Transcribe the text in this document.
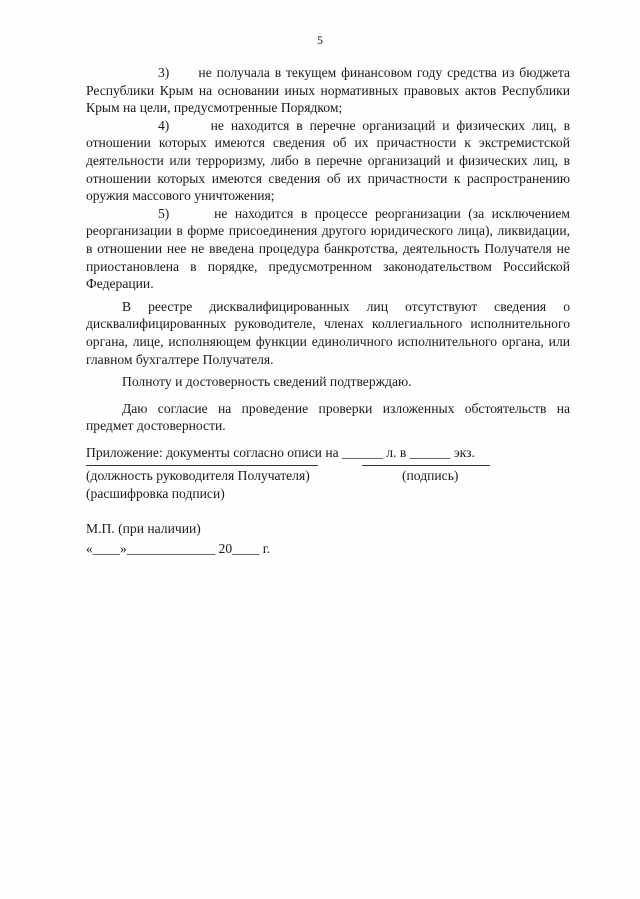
5

3) не получала в текущем финансовом году средства из бюджета Республики Крым на основании иных нормативных правовых актов Республики Крым на цели, предусмотренные Порядком;

4)	не находится в перечне организаций и физических лиц, в отношении которых имеются сведения об их причастности к экстремистской деятельности или терроризму, либо в перечне организаций и физических лиц, в отношении которых имеются сведения об их причастности к распространению оружия массового уничтожения;

5)	не находится в процессе реорганизации (за исключением реорганизации в форме присоединения другого юридического лица), ликвидации, в отношении нее не введена процедура банкротства, деятельность Получателя не приостановлена в порядке, предусмотренном законодательством Российской Федерации.

В реестре дисквалифицированных лиц отсутствуют сведения о дисквалифицированных руководителе, членах коллегиального исполнительного органа, лице, исполняющем функции единоличного исполнительного органа, или главном бухгалтере Получателя.

Полноту и достоверность сведений подтверждаю.

Даю согласие на проведение проверки изложенных обстоятельств на предмет достоверности.

Приложение: документы согласно описи на ______ л. в ______ экз.

(должность руководителя Получателя)	(подпись)
(расшифровка подписи)
М.П. (при наличии)
«____»_____________ 20____ г.
